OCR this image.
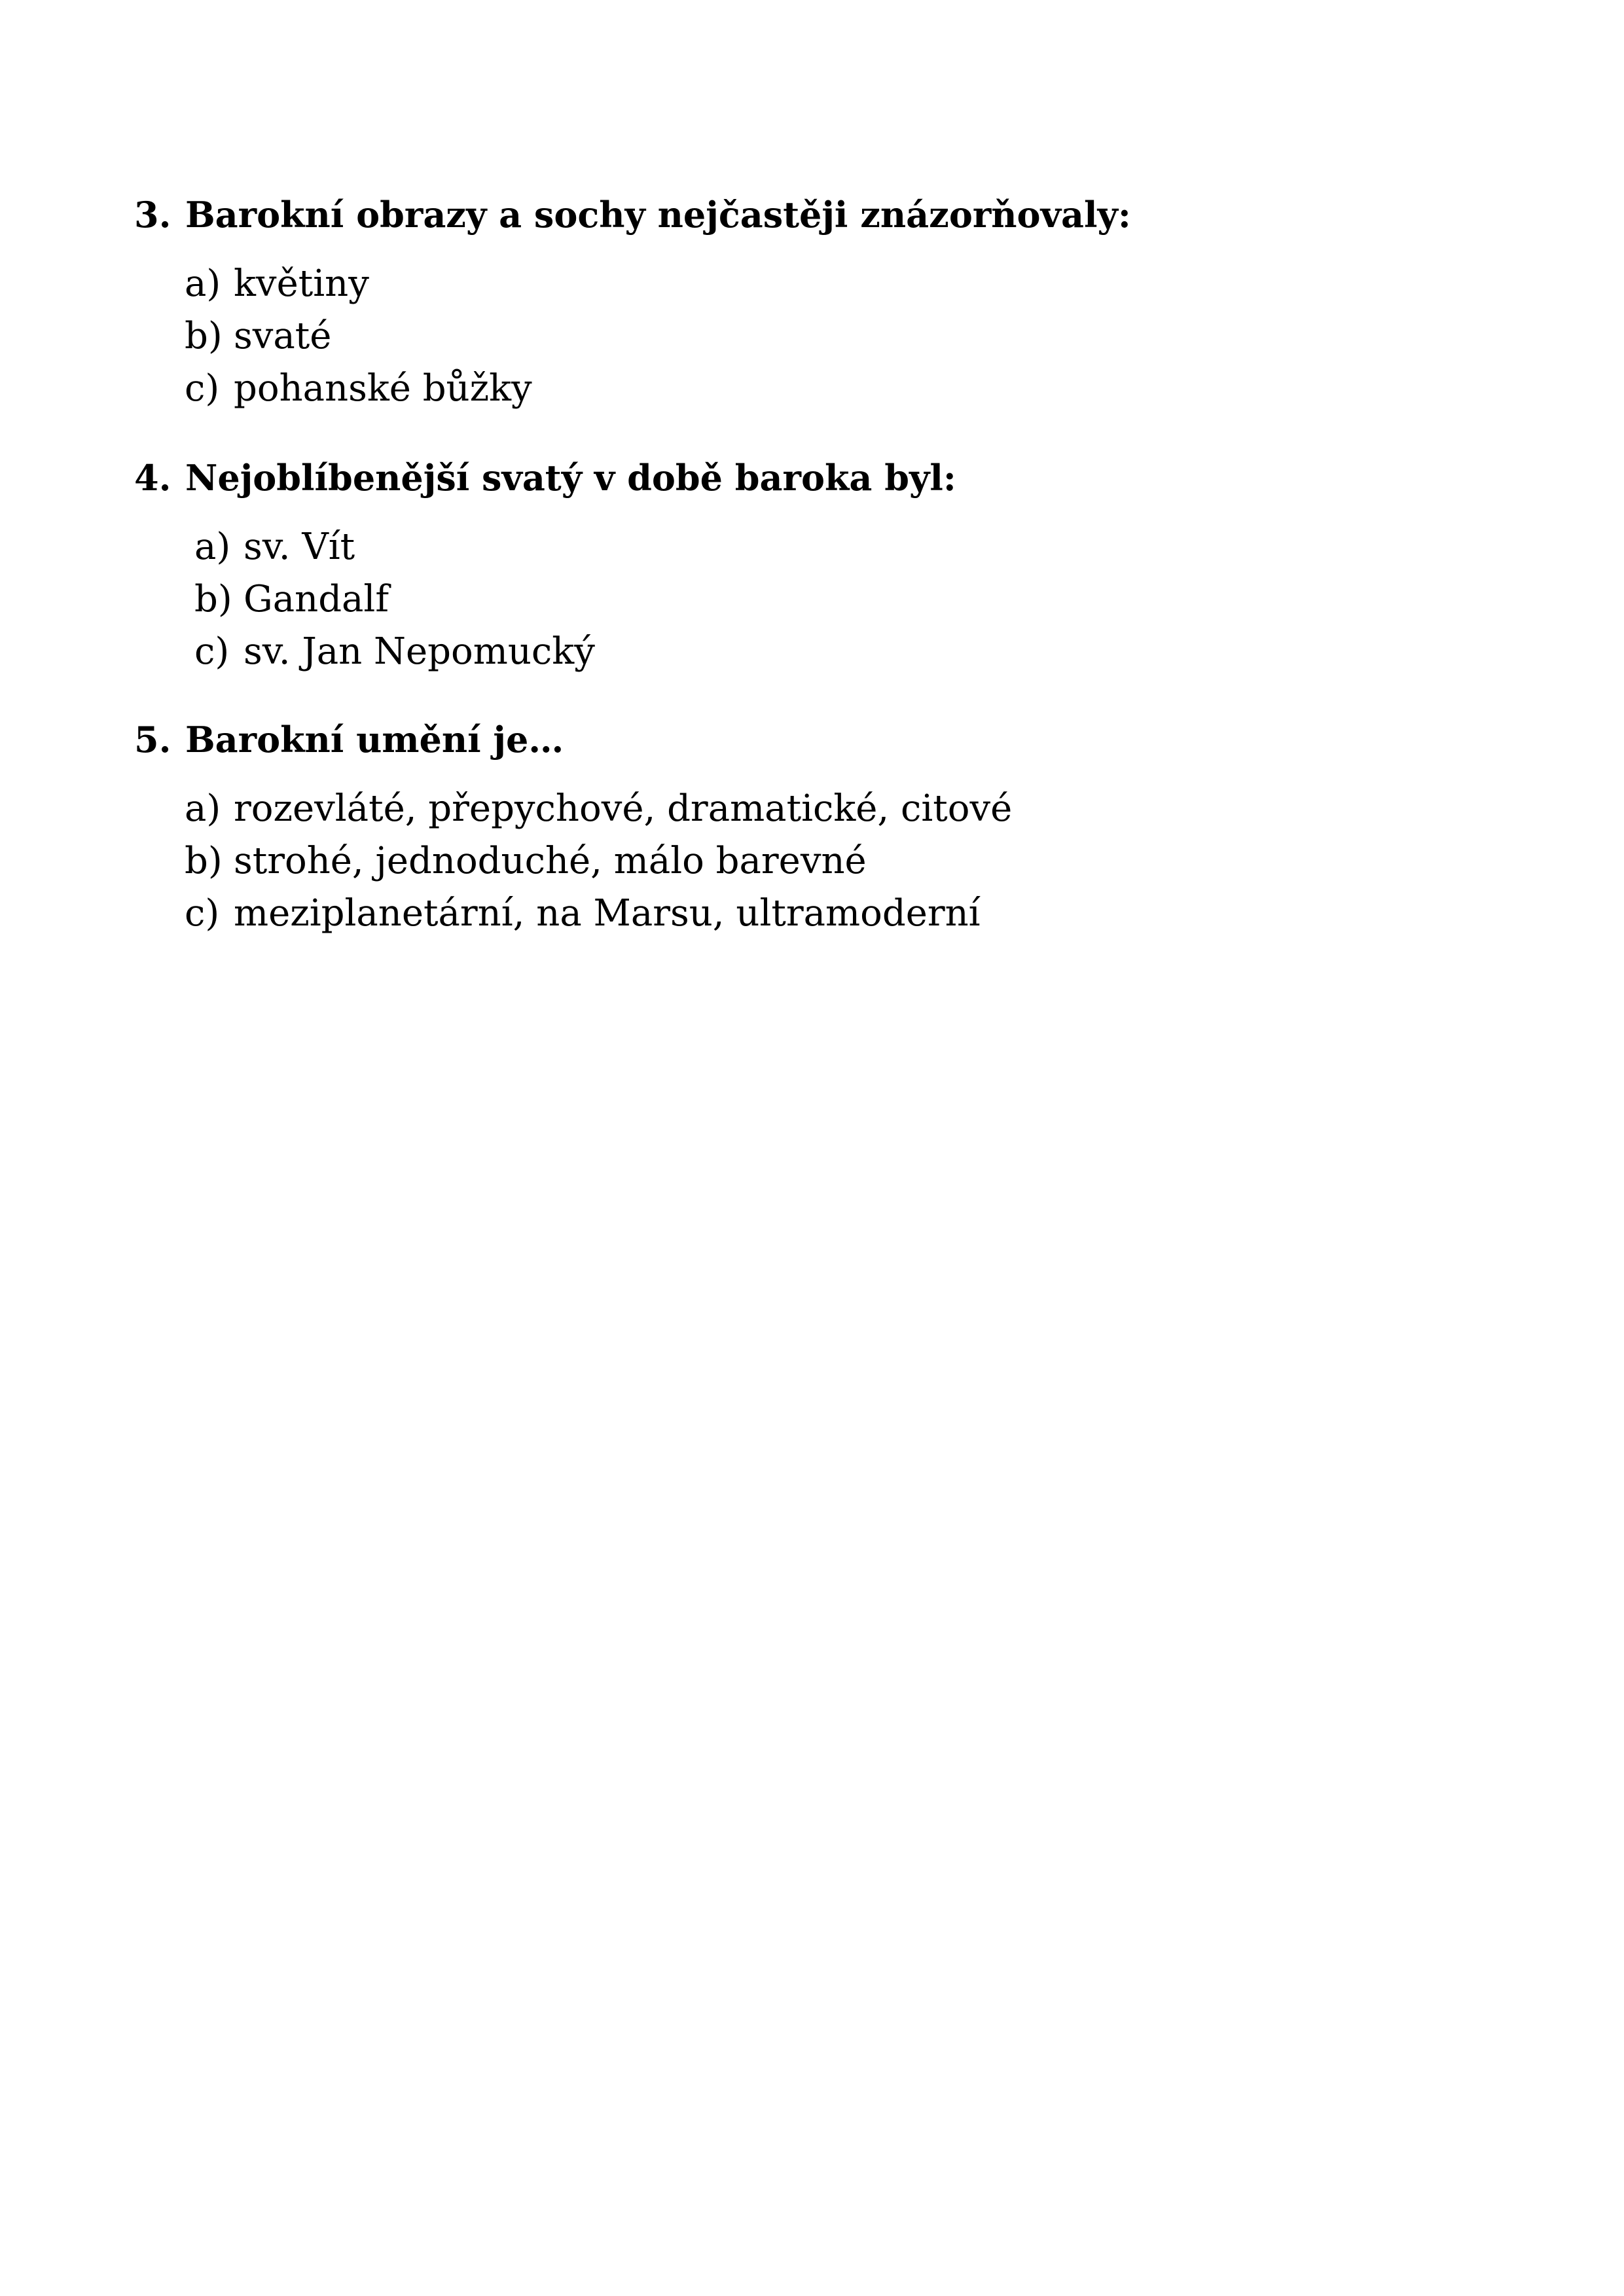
3. Barokní obrazy a sochy nejčastěji znázorňovaly:
a) květiny
b) svaté
c) pohanské bůžky
4. Nejoblíbenější svatý v době baroka byl:
a) sv. Vít
b) Gandalf
c) sv. Jan Nepomucký
5. Barokní umění je…
a) rozevláté, přepychové, dramatické, citové
b) strohé, jednoduché, málo barevné
c) meziplanetární, na Marsu, ultramoderní
